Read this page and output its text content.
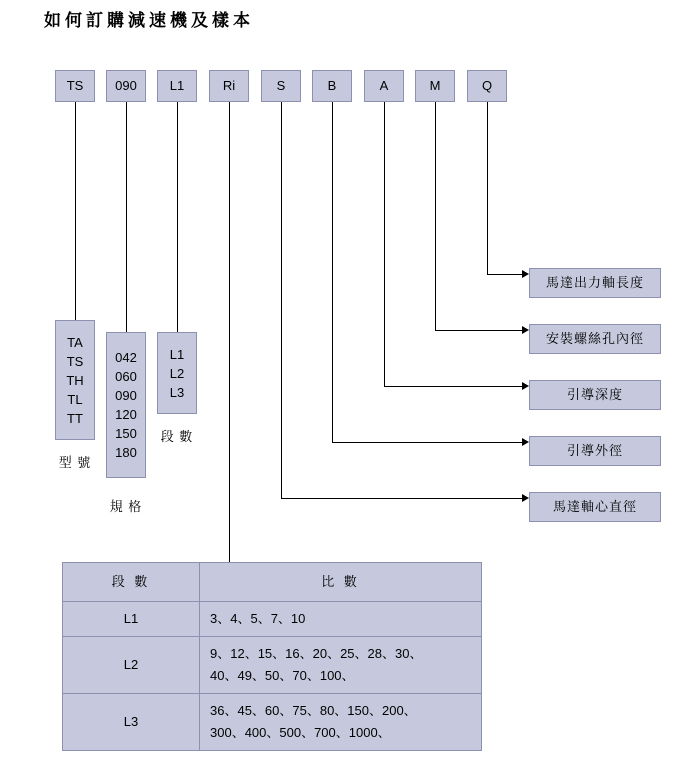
如何訂購減速機及樣本
TS	090	L1	Ri	S	B	A	M	Q
TA
TS
TH
TL
TT
型 號
042
060
090
120
150
180
規 格
L1
L2
L3
段 數
馬達出力軸長度
安裝螺絲孔內徑
引導深度
引導外徑
馬達軸心直徑
段 數	比 數
L1	3、4、5、7、10

L2	9、12、15、16、20、25、28、30、
40、49、50、70、100、

L3	36、45、60、75、80、150、200、
300、400、500、700、1000、
